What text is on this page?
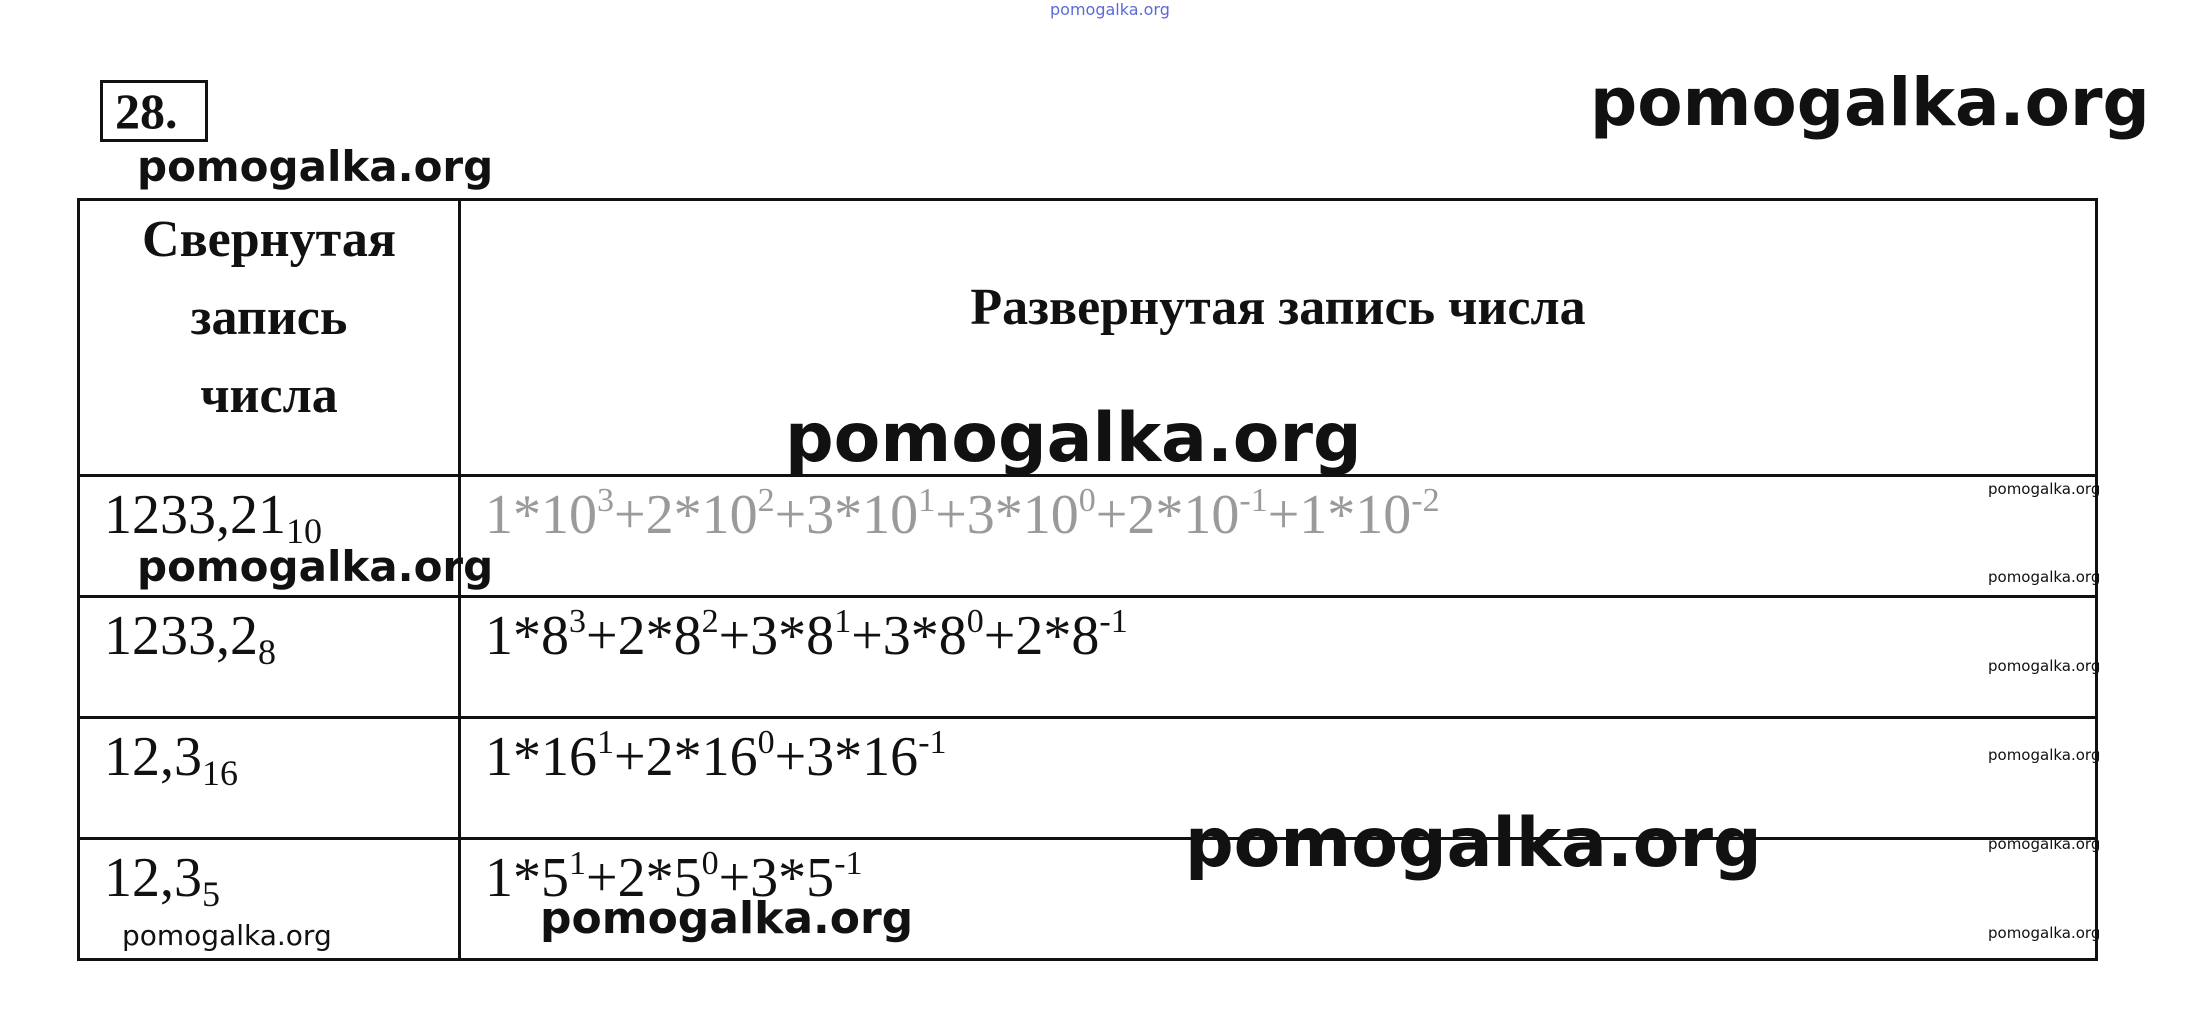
pomogalka.org
28.	pomogalka.org
Свернутая
запись
числа	Развернутая запись числа
$1233,21_{10}$	$1*10^3+2*10^2+3*10^1+3*10^0+2*10^{-1}+1*10^{-2}$
$1233,2_8$	$1*8^3+2*8^2+3*8^1+3*8^0+2*8^{-1}$
$12,3_{16}$	$1*16^1+2*16^0+3*16^{-1}$
$12,3_5$	$1*5^1+2*5^0+3*5^{-1}$
pomogalka.org
pomogalka.org
pomogalka.org
pomogalka.org
pomogalka.org	pomogalka.org
pomogalka.org
pomogalka.org
pomogalka.org
pomogalka.org
pomogalka.org
pomogalka.org
